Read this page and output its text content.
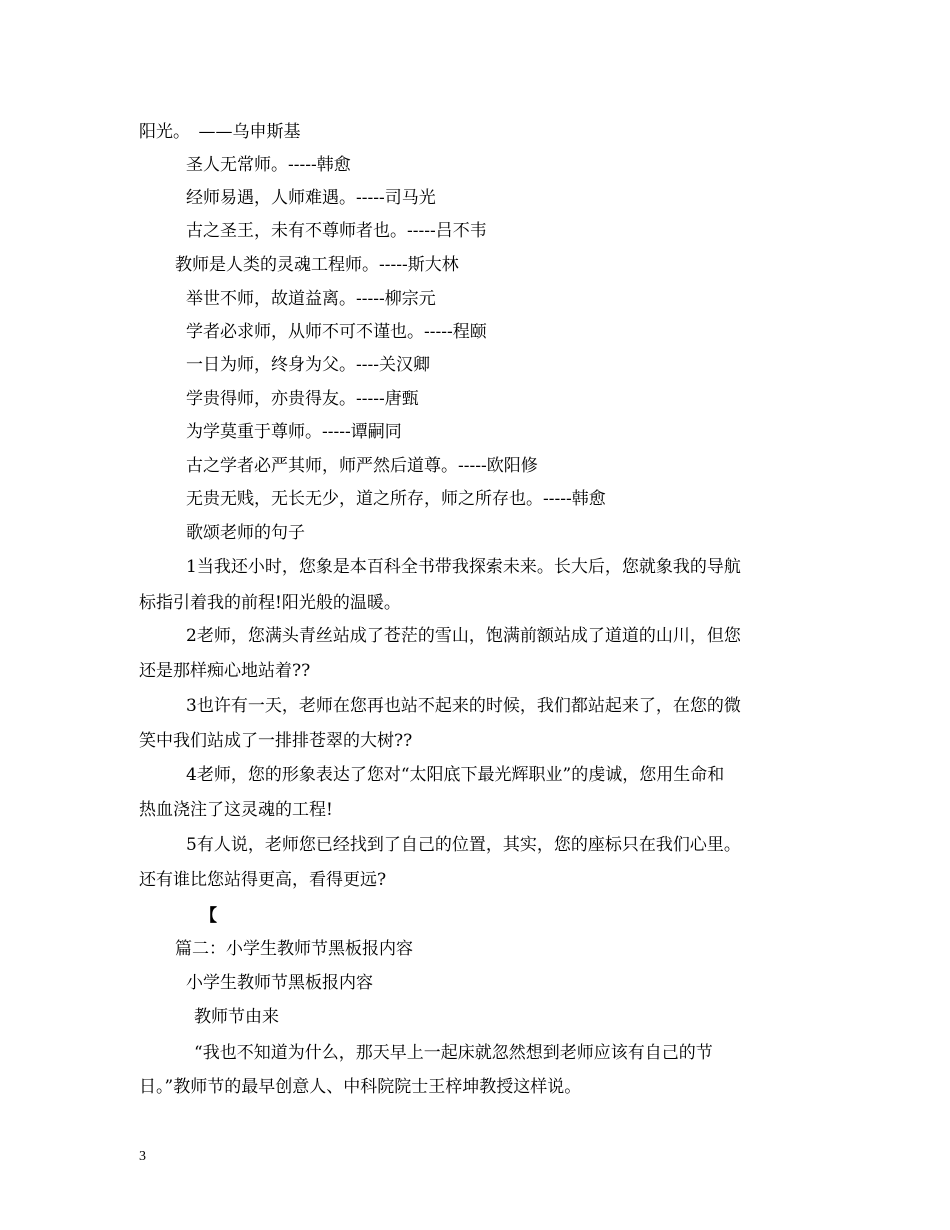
阳光。　——乌申斯基
圣人无常师。-----韩愈
经师易遇，人师难遇。-----司马光
古之圣王，未有不尊师者也。-----吕不韦
教师是人类的灵魂工程师。-----斯大林
举世不师，故道益离。-----柳宗元
学者必求师，从师不可不谨也。-----程颐
一日为师，终身为父。----关汉卿
学贵得师，亦贵得友。-----唐甄
为学莫重于尊师。-----谭嗣同
古之学者必严其师，师严然后道尊。-----欧阳修
无贵无贱，无长无少，道之所存，师之所存也。-----韩愈
歌颂老师的句子
1当我还小时，您象是本百科全书带我探索未来。长大后，您就象我的导航
标指引着我的前程!阳光般的温暖。
2老师，您满头青丝站成了苍茫的雪山，饱满前额站成了道道的山川，但您
还是那样痴心地站着??
3也许有一天，老师在您再也站不起来的时候，我们都站起来了，在您的微
笑中我们站成了一排排苍翠的大树??
4老师，您的形象表达了您对“太阳底下最光辉职业”的虔诚，您用生命和
热血浇注了这灵魂的工程!
5有人说，老师您已经找到了自己的位置，其实，您的座标只在我们心里。
还有谁比您站得更高，看得更远?
【
篇二：小学生教师节黑板报内容
小学生教师节黑板报内容
教师节由来
“我也不知道为什么，那天早上一起床就忽然想到老师应该有自己的节
日。”教师节的最早创意人、中科院院士王梓坤教授这样说。
3
